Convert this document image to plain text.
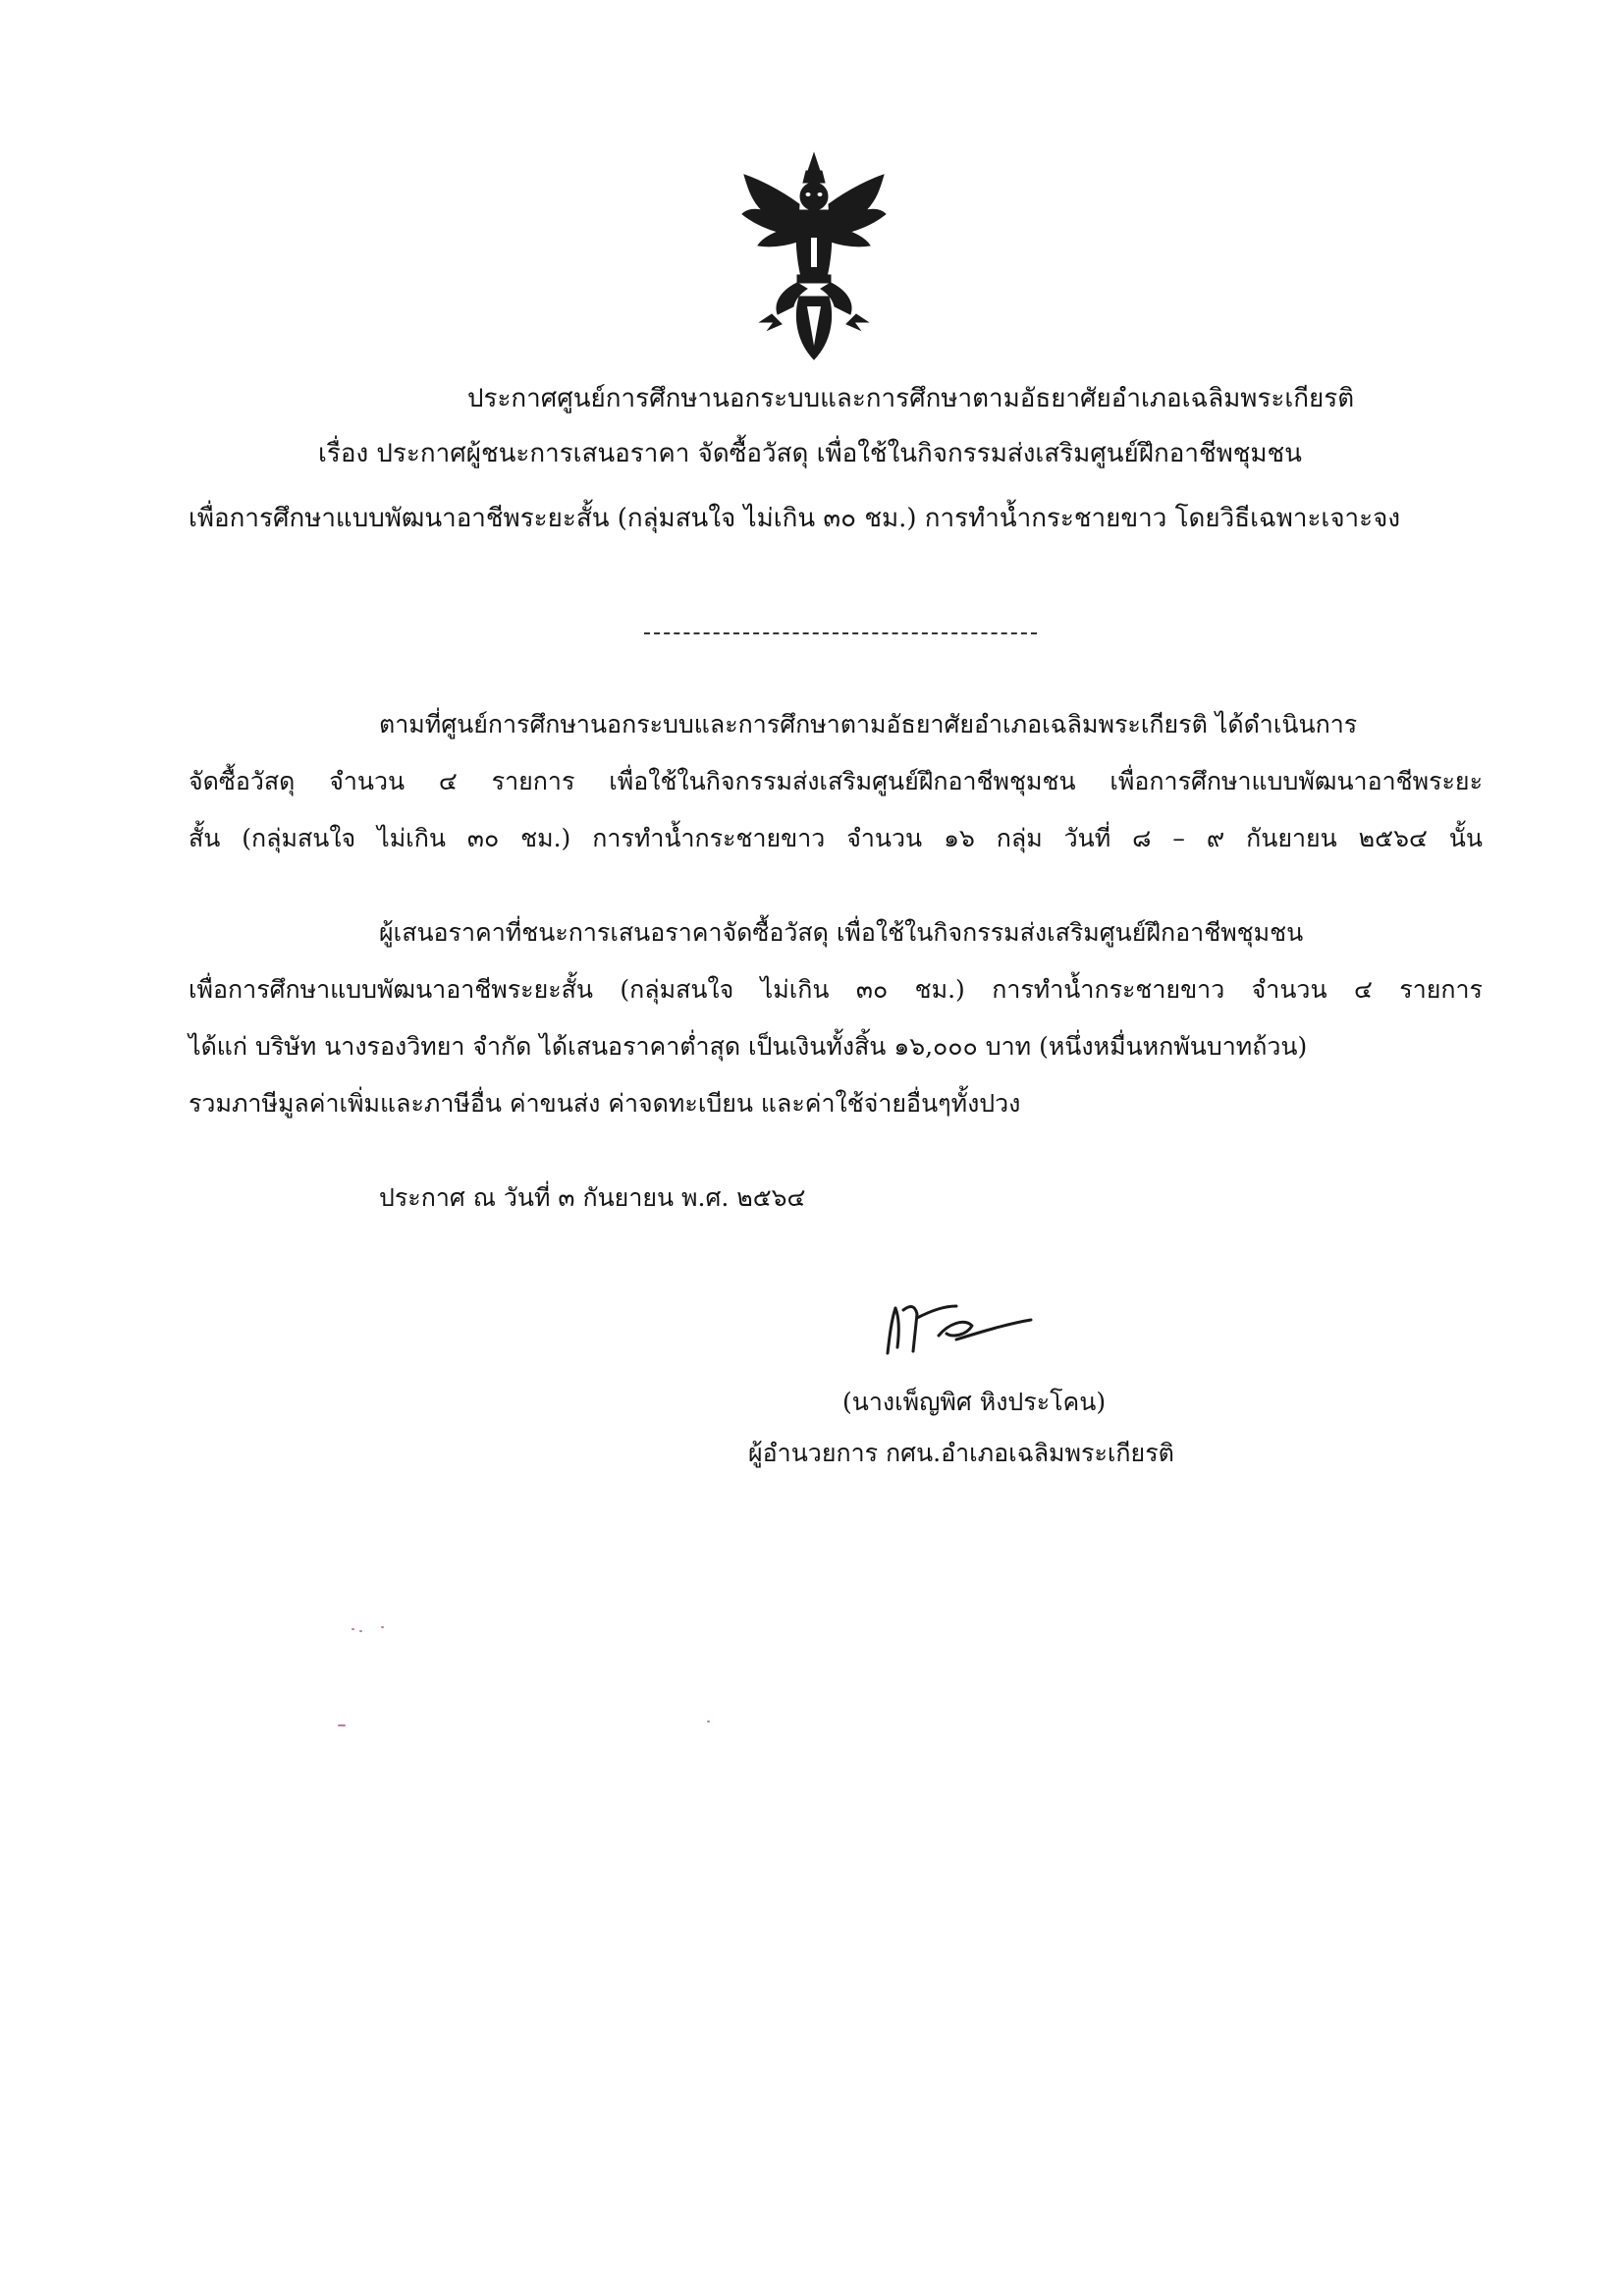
ประกาศศูนย์การศึกษานอกระบบและการศึกษาตามอัธยาศัยอำเภอเฉลิมพระเกียรติ
เรื่อง ประกาศผู้ชนะการเสนอราคา จัดซื้อวัสดุ เพื่อใช้ในกิจกรรมส่งเสริมศูนย์ฝึกอาชีพชุมชน
เพื่อการศึกษาแบบพัฒนาอาชีพระยะสั้น (กลุ่มสนใจ ไม่เกิน ๓๐ ชม.) การทำน้ำกระชายขาว โดยวิธีเฉพาะเจาะจง
ตามที่ศูนย์การศึกษานอกระบบและการศึกษาตามอัธยาศัยอำเภอเฉลิมพระเกียรติ ได้ดำเนินการ
จัดซื้อวัสดุ จำนวน ๔ รายการ เพื่อใช้ในกิจกรรมส่งเสริมศูนย์ฝึกอาชีพชุมชน เพื่อการศึกษาแบบพัฒนาอาชีพระยะ
สั้น (กลุ่มสนใจ ไม่เกิน ๓๐ ชม.) การทำน้ำกระชายขาว จำนวน ๑๖ กลุ่ม วันที่ ๘ – ๙ กันยายน ๒๕๖๔ นั้น
ผู้เสนอราคาที่ชนะการเสนอราคาจัดซื้อวัสดุ เพื่อใช้ในกิจกรรมส่งเสริมศูนย์ฝึกอาชีพชุมชน
เพื่อการศึกษาแบบพัฒนาอาชีพระยะสั้น (กลุ่มสนใจ ไม่เกิน ๓๐ ชม.) การทำน้ำกระชายขาว จำนวน ๔ รายการ
ได้แก่ บริษัท นางรองวิทยา จำกัด ได้เสนอราคาต่ำสุด เป็นเงินทั้งสิ้น ๑๖,๐๐๐ บาท (หนึ่งหมื่นหกพันบาทถ้วน)
รวมภาษีมูลค่าเพิ่มและภาษีอื่น ค่าขนส่ง ค่าจดทะเบียน และค่าใช้จ่ายอื่นๆทั้งปวง
ประกาศ ณ วันที่ ๓ กันยายน พ.ศ. ๒๕๖๔
(นางเพ็ญพิศ หิงประโคน)
ผู้อำนวยการ กศน.อำเภอเฉลิมพระเกียรติ
